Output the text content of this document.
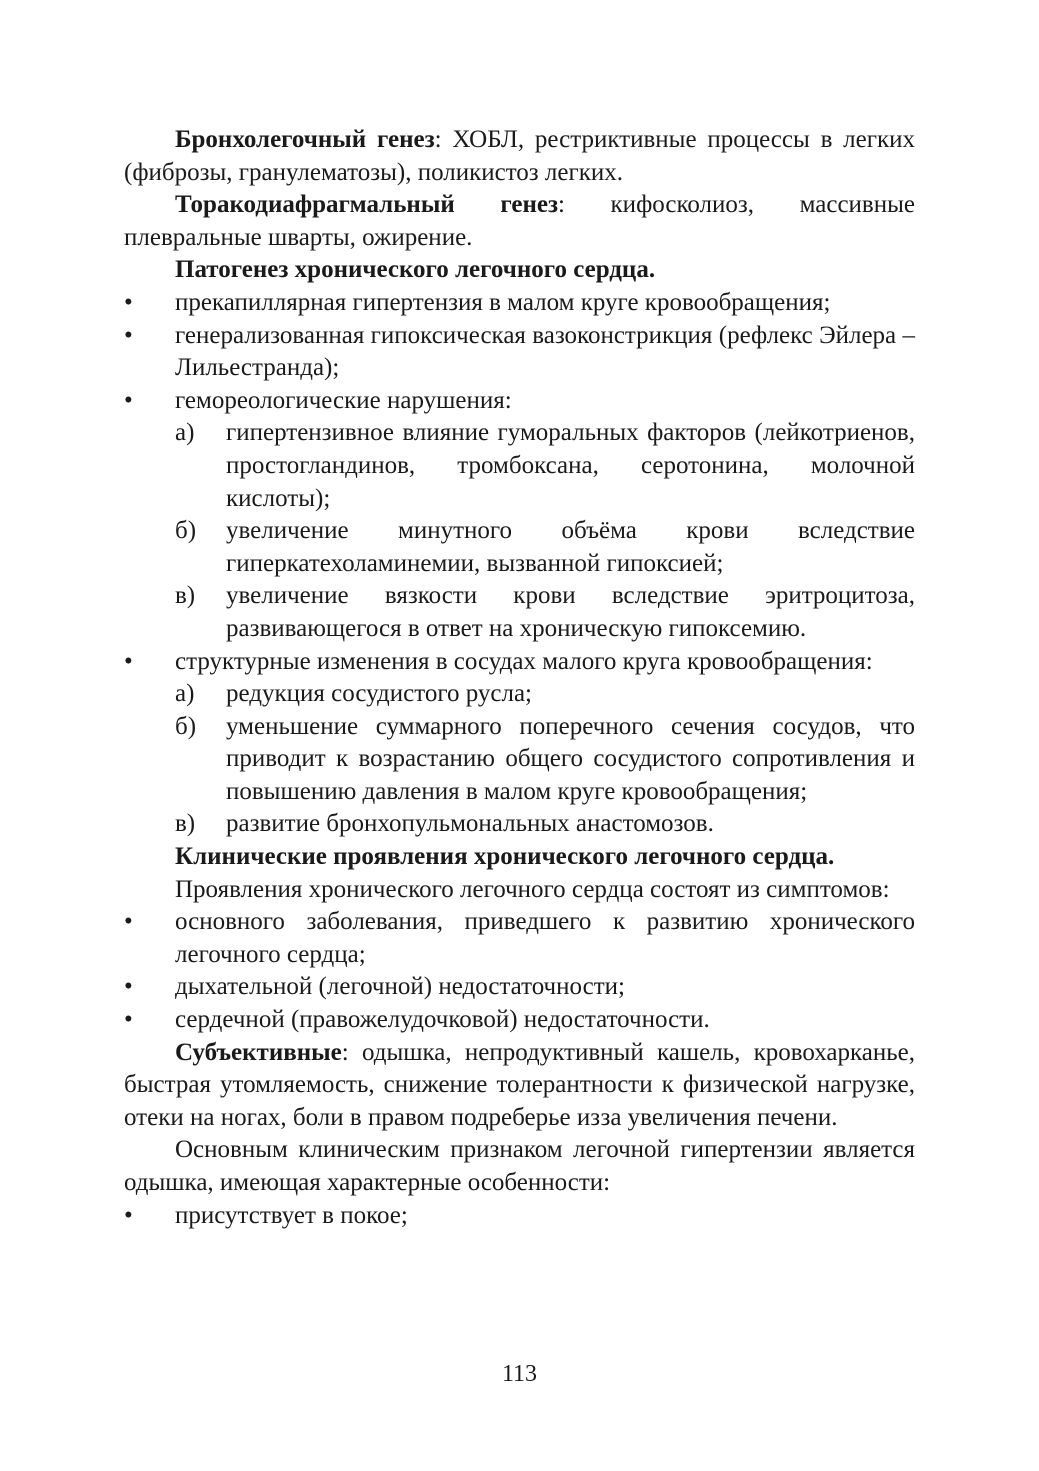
Бронхолегочный генез: ХОБЛ, рестриктивные процессы в легких (фиброзы, гранулематозы), поликистоз легких.

Торакодиафрагмальный генез: кифосколиоз, массивные плевральные шварты, ожирение.

Патогенез хронического легочного сердца.

• прекапиллярная гипертензия в малом круге кровообращения;
• генерализованная гипоксическая вазоконстрикция (рефлекс Эйлера – Лильестранда);
• гемореологические нарушения:
а) гипертензивное влияние гуморальных факторов (лейкотриенов, простогландинов, тромбоксана, серотонина, молочной кислоты);
б) увеличение минутного объёма крови вследствие гиперкатехоламинемии, вызванной гипоксией;
в) увеличение вязкости крови вследствие эритроцитоза, развивающегося в ответ на хроническую гипоксемию.
• структурные изменения в сосудах малого круга кровообращения:
а) редукция сосудистого русла;
б) уменьшение суммарного поперечного сечения сосудов, что приводит к возрастанию общего сосудистого сопротивления и повышению давления в малом круге кровообращения;
в) развитие бронхопульмональных анастомозов.

Клинические проявления хронического легочного сердца.

Проявления хронического легочного сердца состоят из симптомов:

• основного заболевания, приведшего к развитию хронического легочного сердца;
• дыхательной (легочной) недостаточности;
• сердечной (правожелудочковой) недостаточности.

Субъективные: одышка, непродуктивный кашель, кровохарканье, быстрая утомляемость, снижение толерантности к физической нагрузке, отеки на ногах, боли в правом подреберье изза увеличения печени.

Основным клиническим признаком легочной гипертензии является одышка, имеющая характерные особенности:

• присутствует в покое;
113
